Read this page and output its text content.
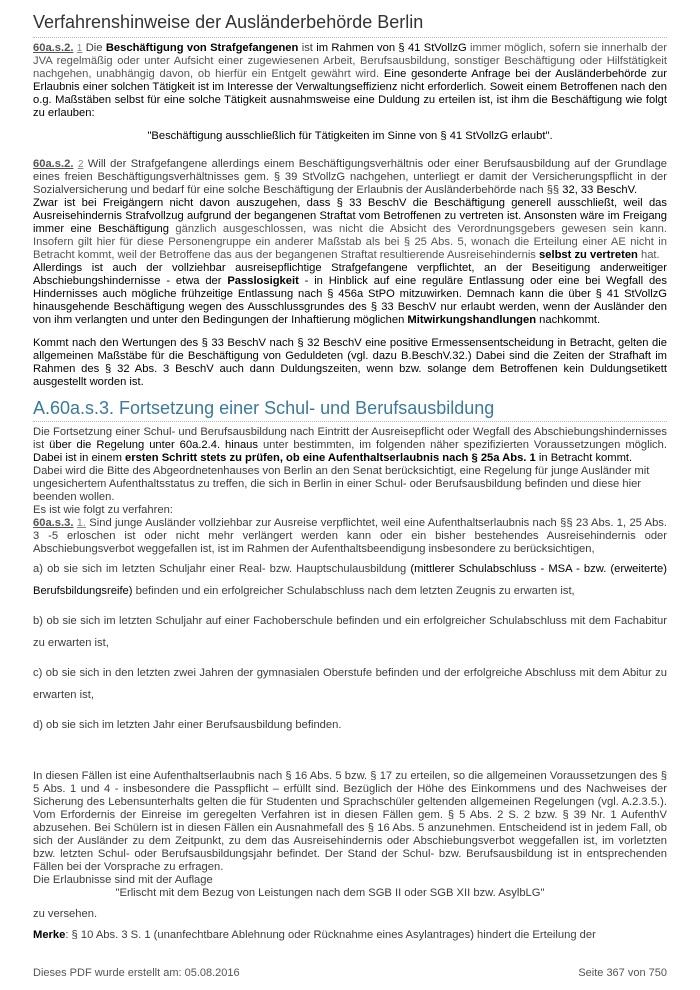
Verfahrenshinweise der Ausländerbehörde Berlin

60a.s.2. 1 Die Beschäftigung von Strafgefangenen ist im Rahmen von § 41 StVollzG immer möglich, sofern sie innerhalb der JVA regelmäßig oder unter Aufsicht einer zugewiesenen Arbeit, Berufsausbildung, sonstiger Beschäftigung oder Hilfstätigkeit nachgehen, unabhängig davon, ob hierfür ein Entgelt gewährt wird. Eine gesonderte Anfrage bei der Ausländerbehörde zur Erlaubnis einer solchen Tätigkeit ist im Interesse der Verwaltungseffizienz nicht erforderlich. Soweit einem Betroffenen nach den o.g. Maßstäben selbst für eine solche Tätigkeit ausnahmsweise eine Duldung zu erteilen ist, ist ihm die Beschäftigung wie folgt zu erlauben:

"Beschäftigung ausschließlich für Tätigkeiten im Sinne von § 41 StVollzG erlaubt".

60a.s.2. 2 Will der Strafgefangene allerdings einem Beschäftigungsverhältnis oder einer Berufsausbildung auf der Grundlage eines freien Beschäftigungsverhältnisses gem. § 39 StVollzG nachgehen, unterliegt er damit der Versicherungspflicht in der Sozialversicherung und bedarf für eine solche Beschäftigung der Erlaubnis der Ausländerbehörde nach §§ 32, 33 BeschV.

Zwar ist bei Freigängern nicht davon auszugehen, dass § 33 BeschV die Beschäftigung generell ausschließt, weil das Ausreisehindernis Strafvollzug aufgrund der begangenen Straftat vom Betroffenen zu vertreten ist. Ansonsten wäre im Freigang immer eine Beschäftigung gänzlich ausgeschlossen, was nicht die Absicht des Verordnungsgebers gewesen sein kann. Insofern gilt hier für diese Personengruppe ein anderer Maßstab als bei § 25 Abs. 5, wonach die Erteilung einer AE nicht in Betracht kommt, weil der Betroffene das aus der begangenen Straftat resultierende Ausreisehindernis selbst zu vertreten hat.

Allerdings ist auch der vollziehbar ausreisepflichtige Strafgefangene verpflichtet, an der Beseitigung anderweitiger Abschiebungshindernisse - etwa der Passlosigkeit - in Hinblick auf eine reguläre Entlassung oder eine bei Wegfall des Hindernisses auch mögliche frühzeitige Entlassung nach § 456a StPO mitzuwirken. Demnach kann die über § 41 StVollzG hinausgehende Beschäftigung wegen des Ausschlussgrundes des § 33 BeschV nur erlaubt werden, wenn der Ausländer den von ihm verlangten und unter den Bedingungen der Inhaftierung möglichen Mitwirkungshandlungen nachkommt.

Kommt nach den Wertungen des § 33 BeschV nach § 32 BeschV eine positive Ermessensentscheidung in Betracht, gelten die allgemeinen Maßstäbe für die Beschäftigung von Geduldeten (vgl. dazu B.BeschV.32.) Dabei sind die Zeiten der Strafhaft im Rahmen des § 32 Abs. 3 BeschV auch dann Duldungszeiten, wenn bzw. solange dem Betroffenen kein Duldungsetikett ausgestellt worden ist.

A.60a.s.3. Fortsetzung einer Schul- und Berufsausbildung

Die Fortsetzung einer Schul- und Berufsausbildung nach Eintritt der Ausreisepflicht oder Wegfall des Abschiebungshindernisses ist über die Regelung unter 60a.2.4. hinaus unter bestimmten, im folgenden näher spezifizierten Voraussetzungen möglich. Dabei ist in einem ersten Schritt stets zu prüfen, ob eine Aufenthaltserlaubnis nach § 25a Abs. 1 in Betracht kommt.

Dabei wird die Bitte des Abgeordnetenhauses von Berlin an den Senat berücksichtigt, eine Regelung für junge Ausländer mit ungesichertem Aufenthaltsstatus zu treffen, die sich in Berlin in einer Schul- oder Berufsausbildung befinden und diese hier beenden wollen.

Es ist wie folgt zu verfahren:

60a.s.3. 1. Sind junge Ausländer vollziehbar zur Ausreise verpflichtet, weil eine Aufenthaltserlaubnis nach §§ 23 Abs. 1, 25 Abs. 3 -5 erloschen ist oder nicht mehr verlängert werden kann oder ein bisher bestehendes Ausreisehindernis oder Abschiebungsverbot weggefallen ist, ist im Rahmen der Aufenthaltsbeendigung insbesondere zu berücksichtigen,

a) ob sie sich im letzten Schuljahr einer Real- bzw. Hauptschulausbildung (mittlerer Schulabschluss - MSA - bzw. (erweiterte) Berufsbildungsreife) befinden und ein erfolgreicher Schulabschluss nach dem letzten Zeugnis zu erwarten ist,

b) ob sie sich im letzten Schuljahr auf einer Fachoberschule befinden und ein erfolgreicher Schulabschluss mit dem Fachabitur zu erwarten ist,

c) ob sie sich in den letzten zwei Jahren der gymnasialen Oberstufe befinden und der erfolgreiche Abschluss mit dem Abitur zu erwarten ist,

d) ob sie sich im letzten Jahr einer Berufsausbildung befinden.

In diesen Fällen ist eine Aufenthaltserlaubnis nach § 16 Abs. 5 bzw. § 17 zu erteilen, so die allgemeinen Voraussetzungen des § 5 Abs. 1 und 4 - insbesondere die Passpflicht – erfüllt sind. Bezüglich der Höhe des Einkommens und des Nachweises der Sicherung des Lebensunterhalts gelten die für Studenten und Sprachschüler geltenden allgemeinen Regelungen (vgl. A.2.3.5.). Vom Erfordernis der Einreise im geregelten Verfahren ist in diesen Fällen gem. § 5 Abs. 2 S. 2 bzw. § 39 Nr. 1 AufenthV abzusehen. Bei Schülern ist in diesen Fällen ein Ausnahmefall des § 16 Abs. 5 anzunehmen. Entscheidend ist in jedem Fall, ob sich der Ausländer zu dem Zeitpunkt, zu dem das Ausreisehindernis oder Abschiebungsverbot weggefallen ist, im vorletzten bzw. letzten Schul- oder Berufsausbildungsjahr befindet. Der Stand der Schul- bzw. Berufsausbildung ist in entsprechenden Fällen bei der Vorsprache zu erfragen.

Die Erlaubnisse sind mit der Auflage

"Erlischt mit dem Bezug von Leistungen nach dem SGB II oder SGB XII bzw. AsylbLG"

zu versehen.

Merke: § 10 Abs. 3 S. 1 (unanfechtbare Ablehnung oder Rücknahme eines Asylantrages) hindert die Erteilung der

Dieses PDF wurde erstellt am: 05.08.2016	Seite 367 von 750
